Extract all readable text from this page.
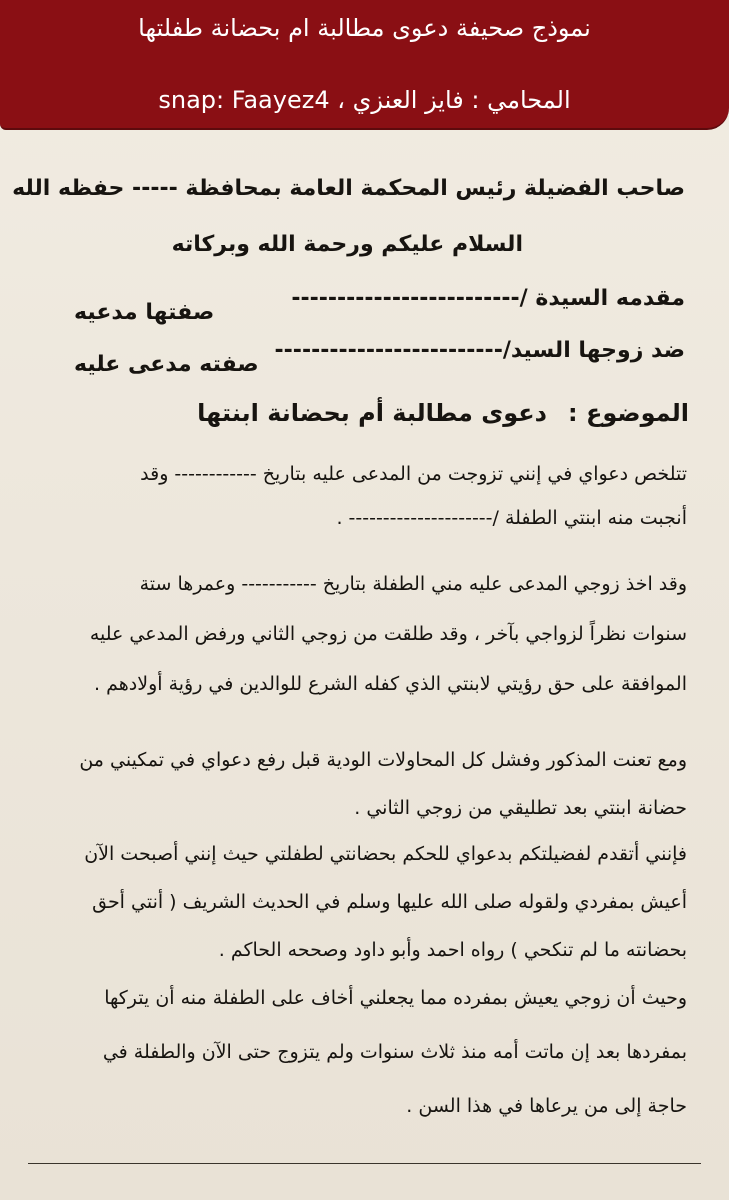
صاحب الفضيلة رئيس المحكمة العامة بمحافظة ----- حفظه الله
السلام عليكم ورحمة الله وبركاته
مقدمه السيدة /-------------------------
صفتها مدعيه
ضد زوجها السيد/-------------------------
صفته مدعى عليه
الموضوع :
دعوى مطالبة أم بحضانة ابنتها
تتلخص دعواي في إنني تزوجت من المدعى عليه بتاريخ ------------ وقد
أنجبت منه ابنتي الطفلة /--------------------- .
وقد اخذ زوجي المدعى عليه مني الطفلة بتاريخ ----------- وعمرها ستة
سنوات نظراً لزواجي بآخر ، وقد طلقت من زوجي الثاني ورفض المدعي عليه
الموافقة على حق رؤيتي لابنتي الذي كفله الشرع للوالدين في رؤية أولادهم .
ومع تعنت المذكور وفشل كل المحاولات الودية قبل رفع دعواي في تمكيني من
حضانة ابنتي بعد تطليقي من زوجي الثاني .
فإنني أتقدم لفضيلتكم بدعواي للحكم بحضانتي لطفلتي حيث إنني أصبحت الآن
أعيش بمفردي ولقوله صلى الله عليها وسلم في الحديث الشريف ( أنتي أحق
بحضانته ما لم تنكحي ) رواه احمد وأبو داود وصححه الحاكم .
وحيث أن زوجي يعيش بمفرده مما يجعلني أخاف على الطفلة منه أن يتركها
بمفردها بعد إن ماتت أمه منذ ثلاث سنوات ولم يتزوج حتى الآن والطفلة في
حاجة إلى من يرعاها في هذا السن .
نموذج صحيفة دعوى مطالبة ام بحضانة طفلتها
المحامي : فايز العنزي ، snap: Faayez4
